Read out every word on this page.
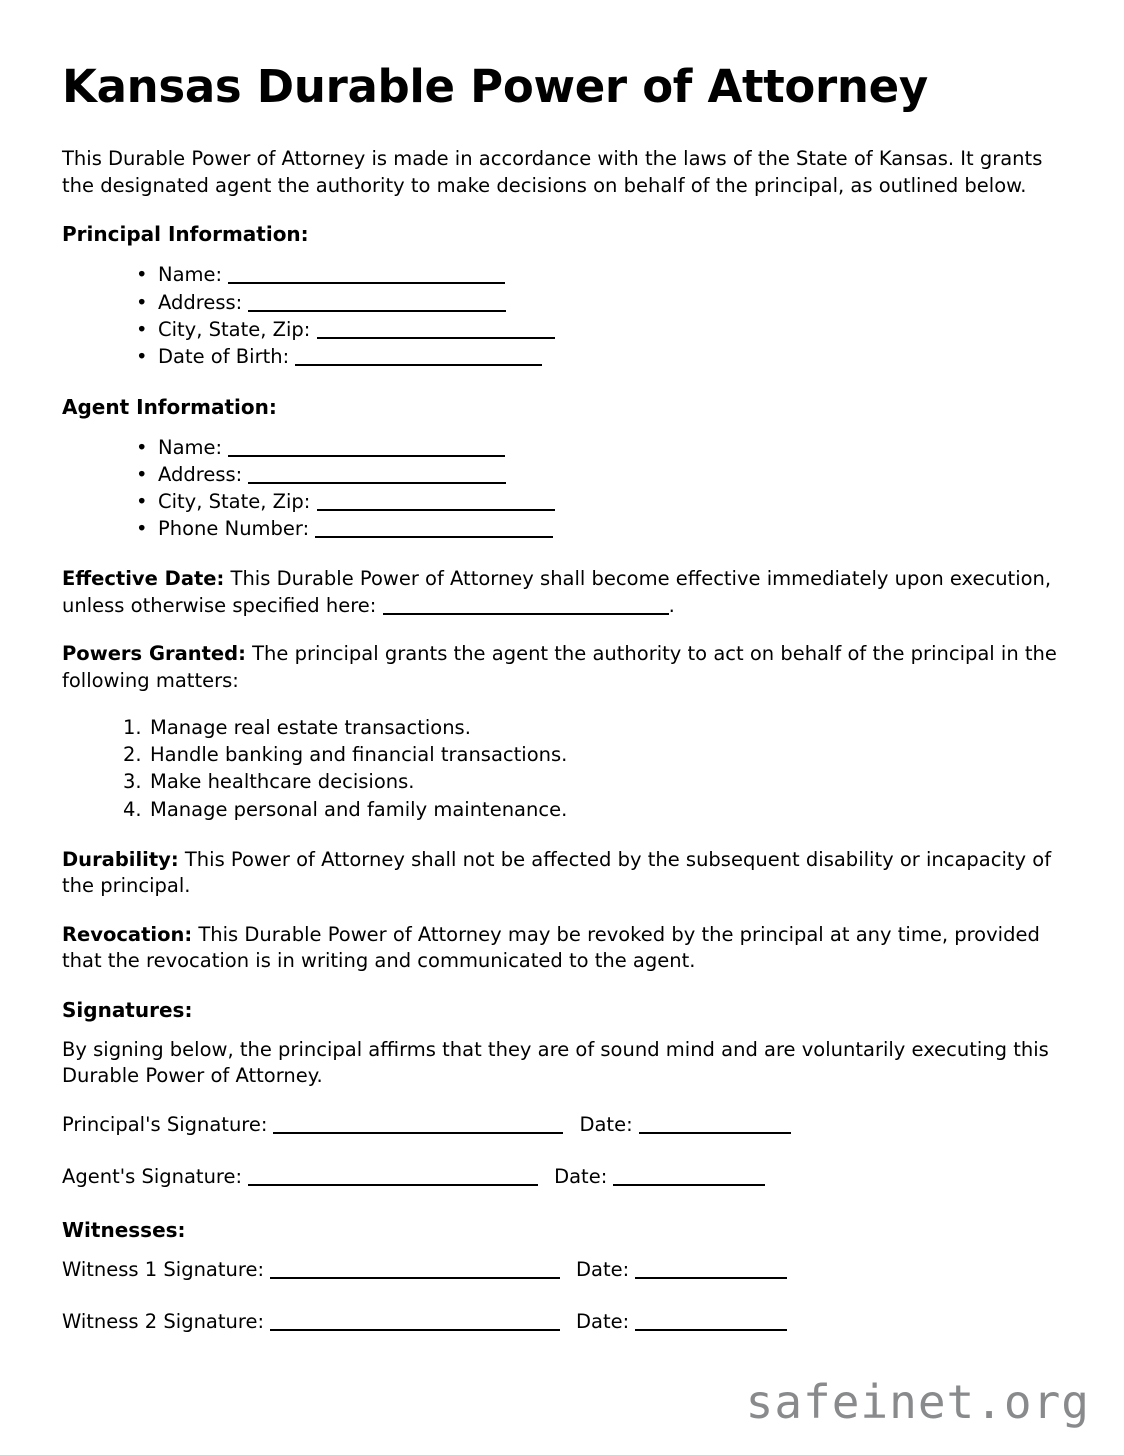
Kansas Durable Power of Attorney

This Durable Power of Attorney is made in accordance with the laws of the State of Kansas. It grants the designated agent the authority to make decisions on behalf of the principal, as outlined below.

Principal Information:
• Name:
• Address:
• City, State, Zip:
• Date of Birth:
Agent Information:
• Name:
• Address:
• City, State, Zip:
• Phone Number:

Effective Date: This Durable Power of Attorney shall become effective immediately upon execution, unless otherwise specified here:	.

Powers Granted: The principal grants the agent the authority to act on behalf of the principal in the following matters:

Manage real estate transactions.
Handle banking and financial transactions.
Make healthcare decisions.
Manage personal and family maintenance.

Durability: This Power of Attorney shall not be affected by the subsequent disability or incapacity of the principal.

Revocation: This Durable Power of Attorney may be revoked by the principal at any time, provided that the revocation is in writing and communicated to the agent.

Signatures:

By signing below, the principal affirms that they are of sound mind and are voluntarily executing this Durable Power of Attorney.

Principal's Signature:	Date:
Agent's Signature:	Date:
Witnesses:
Witness 1 Signature:	Date:
Witness 2 Signature:	Date:
safeinet.org
